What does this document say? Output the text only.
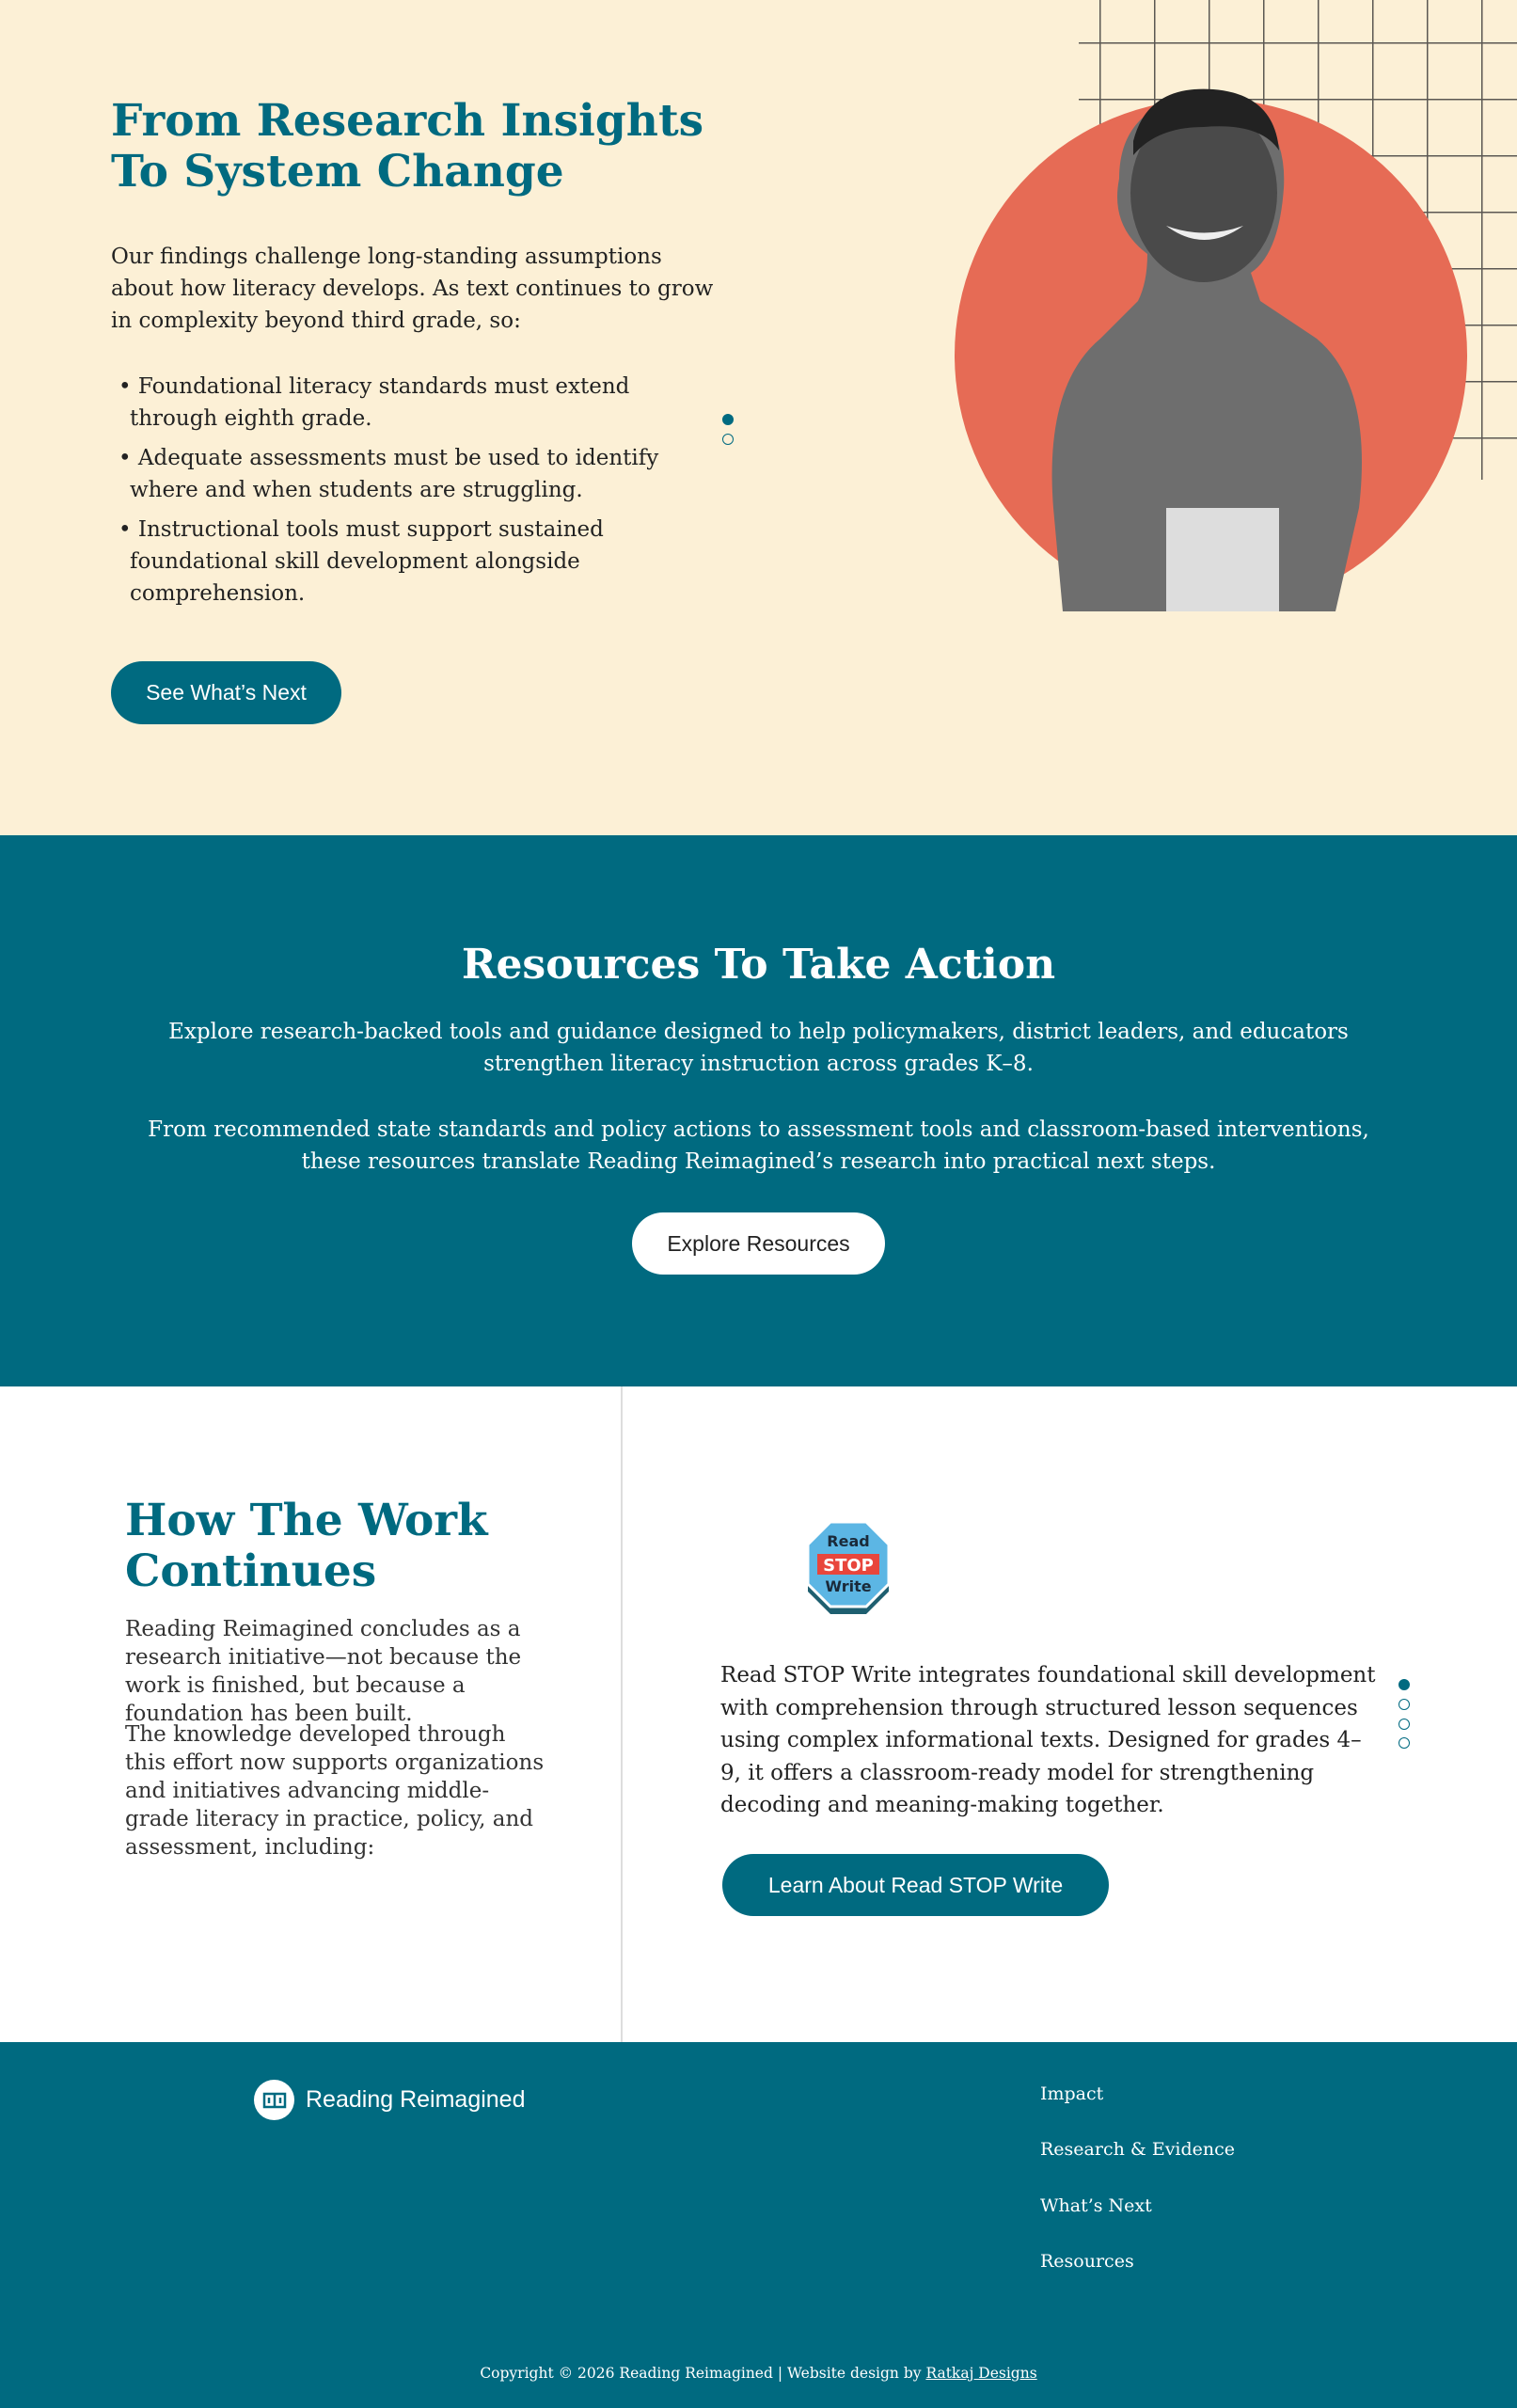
From Research Insights To System Change

Our findings challenge long-standing assumptions about how literacy develops. As text continues to grow in complexity beyond third grade, so:

• Foundational literacy standards must extend through eighth grade.
• Adequate assessments must be used to identify where and when students are struggling.
• Instructional tools must support sustained foundational skill development alongside comprehension.
See What’s Next
Resources To Take Action

Explore research-backed tools and guidance designed to help policymakers, district leaders, and educators strengthen literacy instruction across grades K–8.

From recommended state standards and policy actions to assessment tools and classroom-based interventions, these resources translate Reading Reimagined’s research into practical next steps.

Explore Resources
How The Work Continues

Reading Reimagined concludes as a research initiative—not because the work is finished, but because a foundation has been built.

The knowledge developed through this effort now supports organizations and initiatives advancing middle-grade literacy in practice, policy, and assessment, including:

Read
STOP
Write

Read STOP Write integrates foundational skill development with comprehension through structured lesson sequences using complex informational texts. Designed for grades 4–9, it offers a classroom-ready model for strengthening decoding and meaning-making together.

Learn About Read STOP Write
Reading Reimagined	Impact
Research & Evidence
What’s Next
Resources

Copyright © 2026 Reading Reimagined | Website design by Ratkaj Designs
